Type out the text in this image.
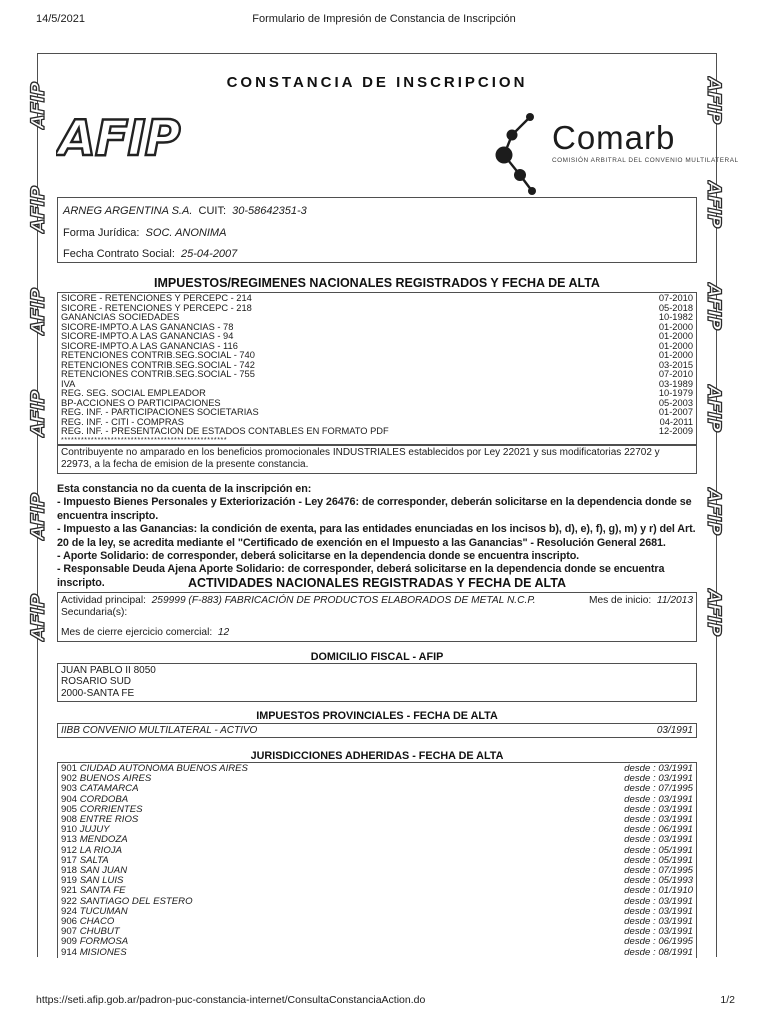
14/5/2021	Formulario de Impresión de Constancia de Inscripción
CONSTANCIA DE INSCRIPCION
AFIP	Comarb
COMISIÓN ARBITRAL DEL CONVENIO MULTILATERAL
ARNEG ARGENTINA S.A. CUIT: 30-58642351-3
Forma Jurídica: SOC. ANONIMA
Fecha Contrato Social: 25-04-2007
IMPUESTOS/REGIMENES NACIONALES REGISTRADOS Y FECHA DE ALTA
SICORE - RETENCIONES Y PERCEPC - 214	07-2010
SICORE - RETENCIONES Y PERCEPC - 218	05-2018
GANANCIAS SOCIEDADES	10-1982
SICORE-IMPTO.A LAS GANANCIAS - 78	01-2000
SICORE-IMPTO.A LAS GANANCIAS - 94	01-2000
SICORE-IMPTO.A LAS GANANCIAS - 116	01-2000
RETENCIONES CONTRIB.SEG.SOCIAL - 740	01-2000
RETENCIONES CONTRIB.SEG.SOCIAL - 742	03-2015
RETENCIONES CONTRIB.SEG.SOCIAL - 755	07-2010
IVA	03-1989
REG. SEG. SOCIAL EMPLEADOR	10-1979
BP-ACCIONES O PARTICIPACIONES	05-2003
REG. INF. - PARTICIPACIONES SOCIETARIAS	01-2007
REG. INF. - CITI - COMPRAS	04-2011
REG. INF. - PRESENTACION DE ESTADOS CONTABLES EN FORMATO PDF	12-2009
**************************************************
Contribuyente no amparado en los beneficios promocionales INDUSTRIALES establecidos por Ley 22021 y sus modificatorias 22702 y 22973, a la fecha de emision de la presente constancia.
Esta constancia no da cuenta de la inscripción en:
- Impuesto Bienes Personales y Exteriorización - Ley 26476: de corresponder, deberán solicitarse en la dependencia donde se encuentra inscripto.
- Impuesto a las Ganancias: la condición de exenta, para las entidades enunciadas en los incisos b), d), e), f), g), m) y r) del Art. 20 de la ley, se acredita mediante el "Certificado de exención en el Impuesto a las Ganancias" - Resolución General 2681.
- Aporte Solidario: de corresponder, deberá solicitarse en la dependencia donde se encuentra inscripto.
- Responsable Deuda Ajena Aporte Solidario: de corresponder, deberá solicitarse en la dependencia donde se encuentra inscripto.	ACTIVIDADES NACIONALES REGISTRADAS Y FECHA DE ALTA
Actividad principal: 259999 (F-883) FABRICACIÓN DE PRODUCTOS ELABORADOS DE METAL N.C.P.	Mes de inicio: 11/2013
Secundaria(s):
Mes de cierre ejercicio comercial: 12
DOMICILIO FISCAL - AFIP
JUAN PABLO II 8050
ROSARIO SUD
2000-SANTA FE
IMPUESTOS PROVINCIALES - FECHA DE ALTA
IIBB CONVENIO MULTILATERAL - ACTIVO	03/1991
JURISDICCIONES ADHERIDAS - FECHA DE ALTA
901 CIUDAD AUTONOMA BUENOS AIRES	desde : 03/1991
902 BUENOS AIRES	desde : 03/1991
903 CATAMARCA	desde : 07/1995
904 CORDOBA	desde : 03/1991
905 CORRIENTES	desde : 03/1991
908 ENTRE RIOS	desde : 03/1991
910 JUJUY	desde : 06/1991
913 MENDOZA	desde : 03/1991
912 LA RIOJA	desde : 05/1991
917 SALTA	desde : 05/1991
918 SAN JUAN	desde : 07/1995
919 SAN LUIS	desde : 05/1993
921 SANTA FE	desde : 01/1910
922 SANTIAGO DEL ESTERO	desde : 03/1991
924 TUCUMAN	desde : 03/1991
906 CHACO	desde : 03/1991
907 CHUBUT	desde : 03/1991
909 FORMOSA	desde : 06/1995
914 MISIONES	desde : 08/1991
AFIP
AFIP
AFIP
AFIP
AFIP
AFIP
AFIP
AFIP
AFIP
AFIP
AFIP
AFIP
https://seti.afip.gob.ar/padron-puc-constancia-internet/ConsultaConstanciaAction.do	1/2
